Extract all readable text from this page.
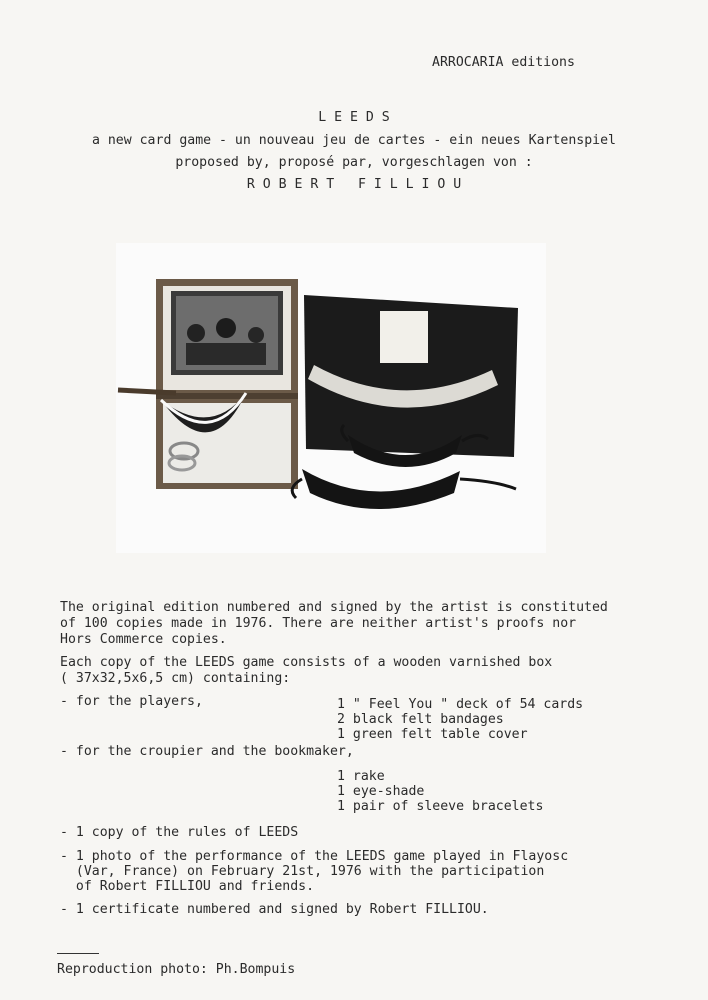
ARROCARIA editions
L E E D S
a new card game - un nouveau jeu de cartes - ein neues Kartenspiel
proposed by, proposé par, vorgeschlagen von :
R O B E R T   F I L L I O U
The original edition numbered and signed by the artist is constituted
of 100 copies made in 1976. There are neither artist's proofs nor
Hors Commerce copies.
Each copy of the LEEDS game consists of a wooden varnished box
( 37x32,5x6,5 cm) containing:
- for the players,	1 " Feel You " deck of 54 cards
2 black felt bandages
1 green felt table cover
- for the croupier and the bookmaker,
1 rake
1 eye-shade
1 pair of sleeve bracelets
- 1 copy of the rules of LEEDS
- 1 photo of the performance of the LEEDS game played in Flayosc
(Var, France) on February 21st, 1976 with the participation
of Robert FILLIOU and friends.
- 1 certificate numbered and signed by Robert FILLIOU.
Reproduction photo: Ph.Bompuis
